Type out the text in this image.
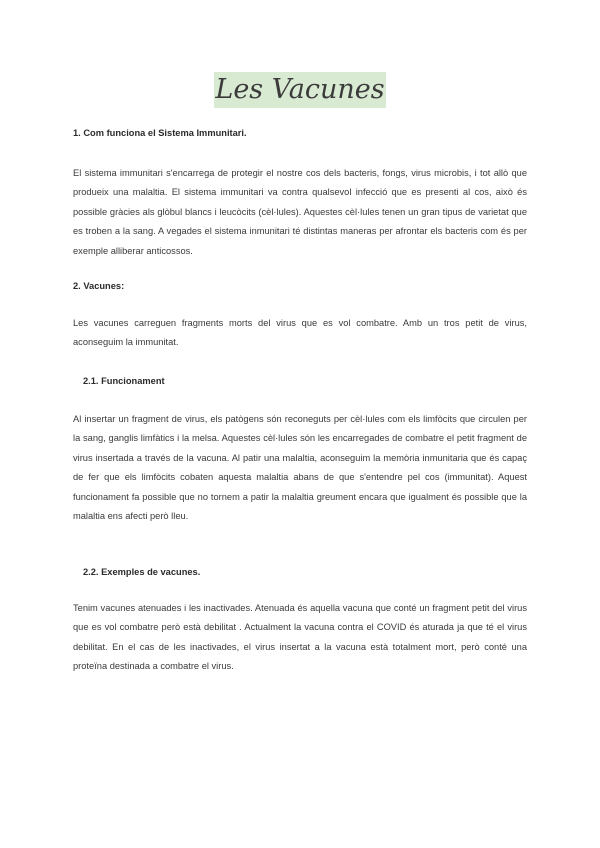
Les Vacunes
1. Com funciona el Sistema Immunitari.
El sistema immunitari s'encarrega de protegir el nostre cos dels bacteris, fongs, virus microbis, i tot allò que produeix una malaltia. El sistema immunitari va contra qualsevol infecció que es presenti al cos, això és possible gràcies als glòbul blancs i leucòcits (cèl·lules). Aquestes cèl·lules tenen un gran tipus de varietat que es troben a la sang. A vegades el sistema inmunitari té distintas maneras per afrontar els bacteris com és per exemple alliberar anticossos.
2. Vacunes:
Les vacunes carreguen fragments morts del virus que es vol combatre. Amb un tros petit de virus, aconseguim la immunitat.
2.1. Funcionament
Al insertar un fragment de virus, els patògens són reconeguts per cèl·lules com els limfòcits que circulen per la sang, ganglis limfàtics i la melsa. Aquestes cèl·lules són les encarregades de combatre el petit fragment de virus insertada a través de la vacuna. Al patir una malaltia, aconseguim la memòria inmunitaria que és capaç de fer que els limfòcits cobaten aquesta malaltia abans de que s'entendre pel cos (immunitat). Aquest funcionament fa possible que no tornem a patir la malaltia greument encara que igualment és possible que la malaltia ens afecti però lleu.
2.2. Exemples de vacunes.
Tenim vacunes atenuades i les inactivades. Atenuada és aquella vacuna que conté un fragment petit del virus que es vol combatre però està debilitat . Actualment la vacuna contra el COVID és aturada ja que té el virus debilitat. En el cas de les inactivades, el virus insertat a la vacuna està totalment mort, però conté una proteïna destinada a combatre el virus.
